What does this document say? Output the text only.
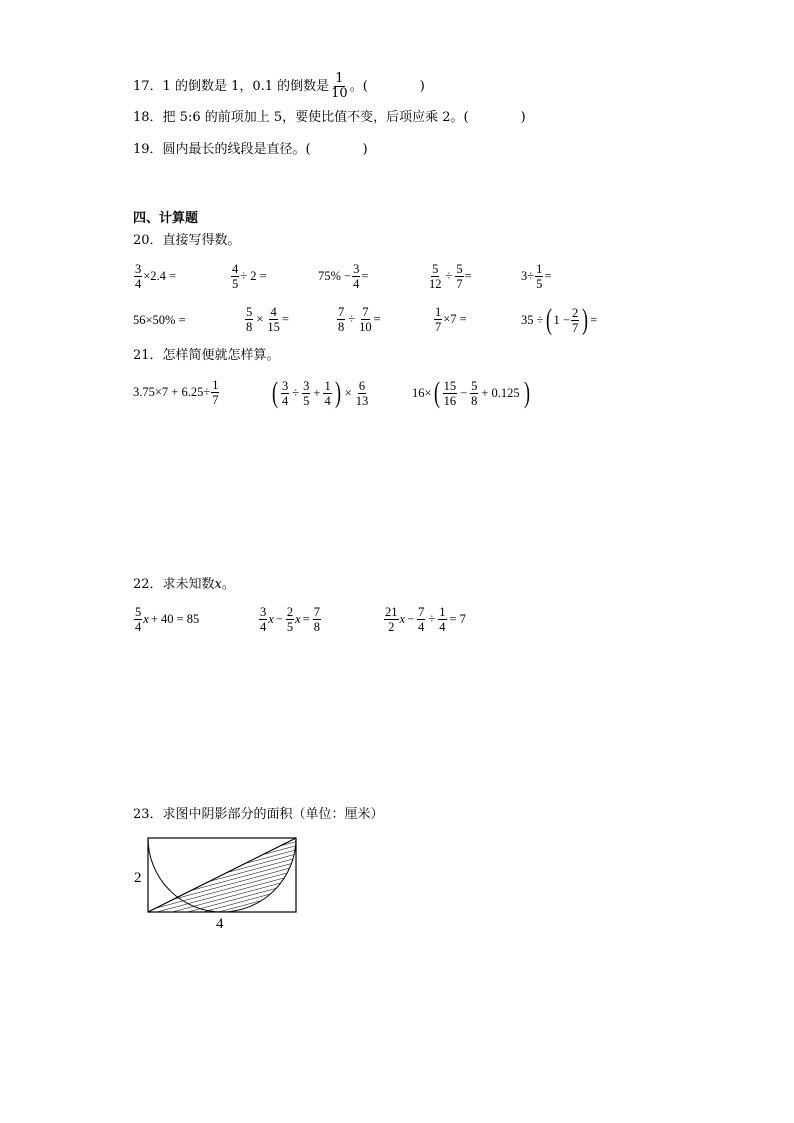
17．1 的倒数是 1，0.1 的倒数是 $\frac{1}{10}$ 。(　　　　)
18．把 5:6 的前项加上 5，要使比值不变，后项应乘 2。(　　　　)
19．圆内最长的线段是直径。(　　　　)
四、计算题
20．直接写得数。
$\frac{3}{4} \times 2.4$ =	$\frac{4}{5} \div 2$ =	$75\% - \frac{3}{4}$ =	$\frac{5}{12} \div \frac{5}{7}$ =	$3\div \frac{1}{5}$ =
56×50% =	$\frac{5}{8} \times \frac{4}{15}$ =	$\frac{7}{8} \div \frac{7}{10}$ =	$\frac{1}{7} \times 7$ =	35 ÷ ( $1 - \frac{2}{7}$ ) =
21．怎样简便就怎样算。
$3.75\times 7 + 6.25\div \frac{1}{7}$ ( $\frac{3}{4} \div \frac{3}{5} + \frac{1}{4}$ ) × $\frac{6}{13}$	16× ( $\frac{15}{16} - \frac{5}{8} + 0.125$ )
22．求未知数x。
$\frac{5}{4}$ x + 40 = 85	$\frac{3}{4}$ $x - \frac{2}{5}$ $x = \frac{7}{8}$	$\frac{21}{2}$ $x - \frac{7}{4} \div \frac{1}{4} = 7$
23．求图中阴影部分的面积（单位：厘米）
2
4
